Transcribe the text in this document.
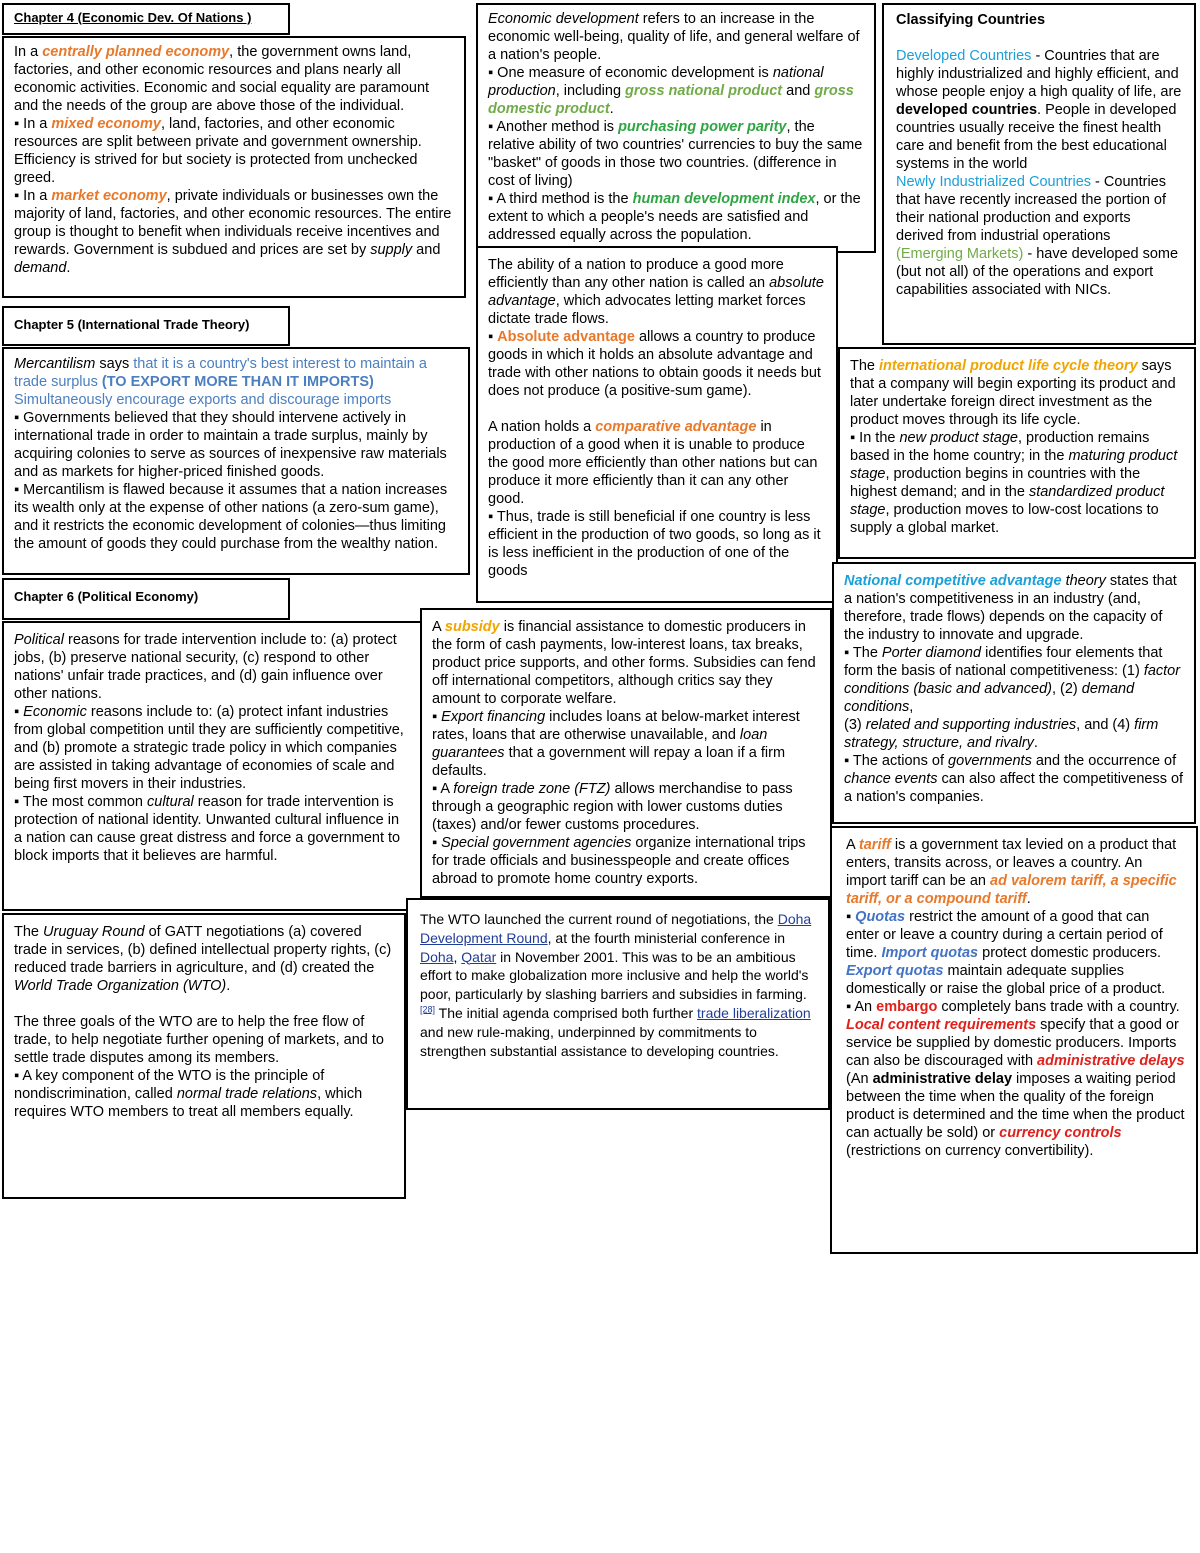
Chapter 4 (Economic Dev. Of Nations )
Chapter 5 (International Trade Theory)
Chapter 6 (Political Economy)

In a centrally planned economy, the government owns land, factories, and other economic resources and plans nearly all economic activities. Economic and social equality are paramount and the needs of the group are above those of the individual.

▪ In a mixed economy, land, factories, and other economic resources are split between private and government ownership. Efficiency is strived for but society is protected from unchecked greed.

▪ In a market economy, private individuals or businesses own the majority of land, factories, and other economic resources. The entire group is thought to benefit when individuals receive incentives and rewards. Government is subdued and prices are set by supply and demand.

Economic development refers to an increase in the economic well-being, quality of life, and general welfare of a nation's people.

▪ One measure of economic development is national production, including gross national product and gross domestic product.

▪ Another method is purchasing power parity, the relative ability of two countries' currencies to buy the same "basket" of goods in those two countries. (difference in cost of living)

▪ A third method is the human development index, or the extent to which a people's needs are satisfied and addressed equally across the population.

Classifying Countries

Developed Countries - Countries that are highly industrialized and highly efficient, and whose people enjoy a high quality of life, are developed countries. People in developed countries usually receive the finest health care and benefit from the best educational systems in the world

Newly Industrialized Countries - Countries that have recently increased the portion of their national production and exports derived from industrial operations

(Emerging Markets) - have developed some (but not all) of the operations and export capabilities associated with NICs.

Mercantilism says that it is a country's best interest to maintain a trade surplus (TO EXPORT MORE THAN IT IMPORTS)

Simultaneously encourage exports and discourage imports

▪ Governments believed that they should intervene actively in international trade in order to maintain a trade surplus, mainly by acquiring colonies to serve as sources of inexpensive raw materials and as markets for higher-priced finished goods.

▪ Mercantilism is flawed because it assumes that a nation increases its wealth only at the expense of other nations (a zero-sum game), and it restricts the economic development of colonies—thus limiting the amount of goods they could purchase from the wealthy nation.

The ability of a nation to produce a good more efficiently than any other nation is called an absolute advantage, which advocates letting market forces dictate trade flows.

▪ Absolute advantage allows a country to produce goods in which it holds an absolute advantage and trade with other nations to obtain goods it needs but does not produce (a positive-sum game).

A nation holds a comparative advantage in production of a good when it is unable to produce the good more efficiently than other nations but can produce it more efficiently than it can any other good.

▪ Thus, trade is still beneficial if one country is less efficient in the production of two goods, so long as it is less inefficient in the production of one of the goods

The international product life cycle theory says that a company will begin exporting its product and later undertake foreign direct investment as the product moves through its life cycle.

▪ In the new product stage, production remains based in the home country; in the maturing product stage, production begins in countries with the highest demand; and in the standardized product stage, production moves to low-cost locations to supply a global market.

Political reasons for trade intervention include to: (a) protect jobs, (b) preserve national security, (c) respond to other nations' unfair trade practices, and (d) gain influence over other nations.

▪ Economic reasons include to: (a) protect infant industries from global competition until they are sufficiently competitive, and (b) promote a strategic trade policy in which companies are assisted in taking advantage of economies of scale and being first movers in their industries.

▪ The most common cultural reason for trade intervention is protection of national identity. Unwanted cultural influence in a nation can cause great distress and force a government to block imports that it believes are harmful.

A subsidy is financial assistance to domestic producers in the form of cash payments, low-interest loans, tax breaks, product price supports, and other forms. Subsidies can fend off international competitors, although critics say they amount to corporate welfare.

▪ Export financing includes loans at below-market interest rates, loans that are otherwise unavailable, and loan guarantees that a government will repay a loan if a firm defaults.

▪ A foreign trade zone (FTZ) allows merchandise to pass through a geographic region with lower customs duties (taxes) and/or fewer customs procedures.

▪ Special government agencies organize international trips for trade officials and businesspeople and create offices abroad to promote home country exports.

National competitive advantage theory states that a nation's competitiveness in an industry (and, therefore, trade flows) depends on the capacity of the industry to innovate and upgrade.

▪ The Porter diamond identifies four elements that form the basis of national competitiveness: (1) factor conditions (basic and advanced), (2) demand conditions,

(3) related and supporting industries, and (4) firm strategy, structure, and rivalry.

▪ The actions of governments and the occurrence of chance events can also affect the competitiveness of a nation's companies.

The Uruguay Round of GATT negotiations (a) covered trade in services, (b) defined intellectual property rights, (c) reduced trade barriers in agriculture, and (d) created the World Trade Organization (WTO).

The three goals of the WTO are to help the free flow of trade, to help negotiate further opening of markets, and to settle trade disputes among its members.

▪ A key component of the WTO is the principle of nondiscrimination, called normal trade relations, which requires WTO members to treat all members equally.

The WTO launched the current round of negotiations, the Doha Development Round, at the fourth ministerial conference in Doha, Qatar in November 2001. This was to be an ambitious effort to make globalization more inclusive and help the world's poor, particularly by slashing barriers and subsidies in farming.[28] The initial agenda comprised both further trade liberalization and new rule-making, underpinned by commitments to strengthen substantial assistance to developing countries.

A tariff is a government tax levied on a product that enters, transits across, or leaves a country. An import tariff can be an ad valorem tariff, a specific tariff, or a compound tariff.

▪ Quotas restrict the amount of a good that can enter or leave a country during a certain period of time. Import quotas protect domestic producers. Export quotas maintain adequate supplies domestically or raise the global price of a product.

▪ An embargo completely bans trade with a country. Local content requirements specify that a good or service be supplied by domestic producers. Imports can also be discouraged with administrative delays (An administrative delay imposes a waiting period between the time when the quality of the foreign product is determined and the time when the product can actually be sold) or currency controls (restrictions on currency convertibility).
